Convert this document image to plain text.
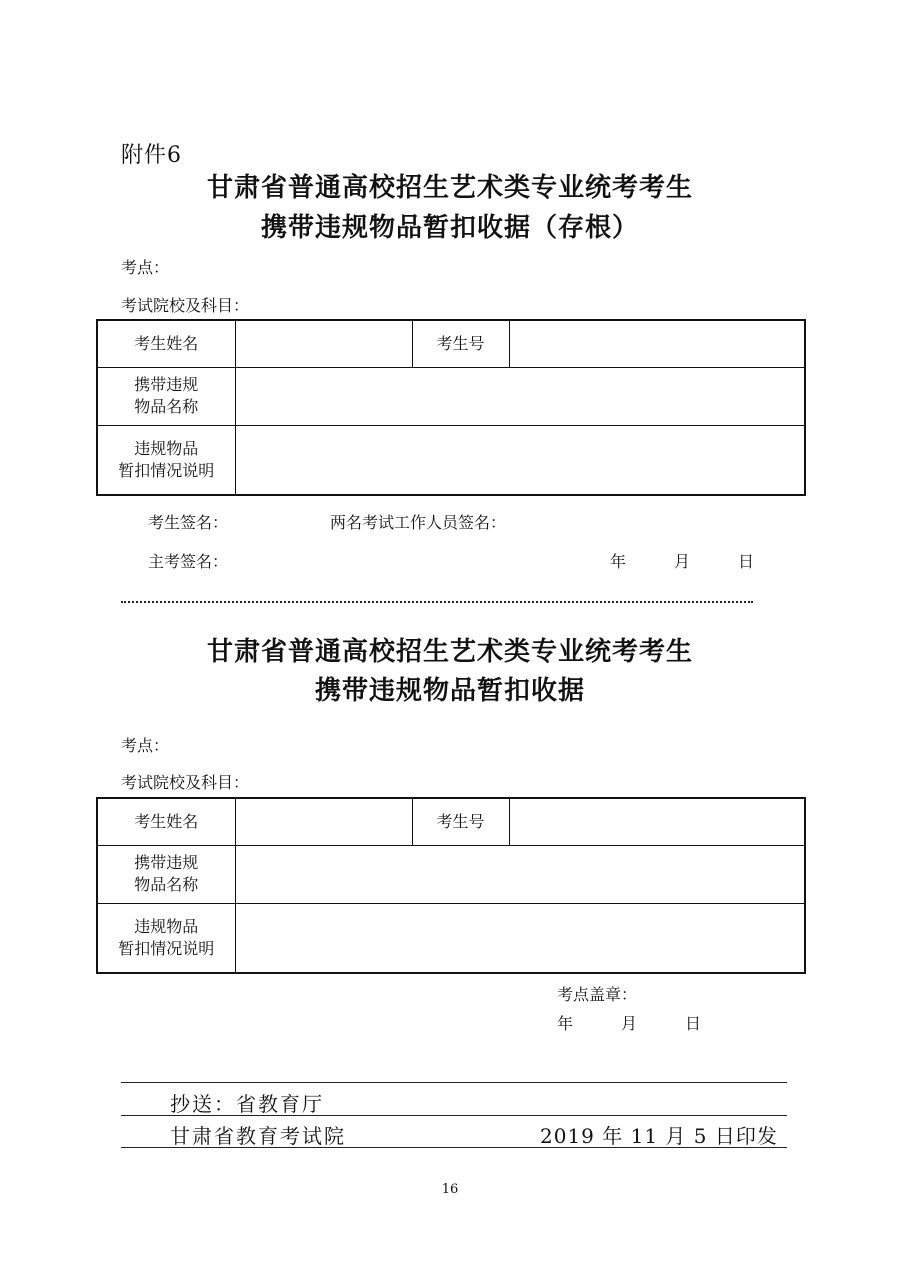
附件6
甘肃省普通高校招生艺术类专业统考考生
携带违规物品暂扣收据（存根）
考点：
考试院校及科目：
考生姓名		考生号	

携带违规
物品名称			

违规物品
暂扣情况说明			

考生签名：	两名考试工作人员签名：
主考签名：	年	月	日
甘肃省普通高校招生艺术类专业统考考生
携带违规物品暂扣收据
考点：
考试院校及科目：
考生姓名		考生号	

携带违规
物品名称			

违规物品
暂扣情况说明			

考点盖章：
年	月	日
抄送：省教育厅
甘肃省教育考试院	2019 年 11 月 5 日印发
16
